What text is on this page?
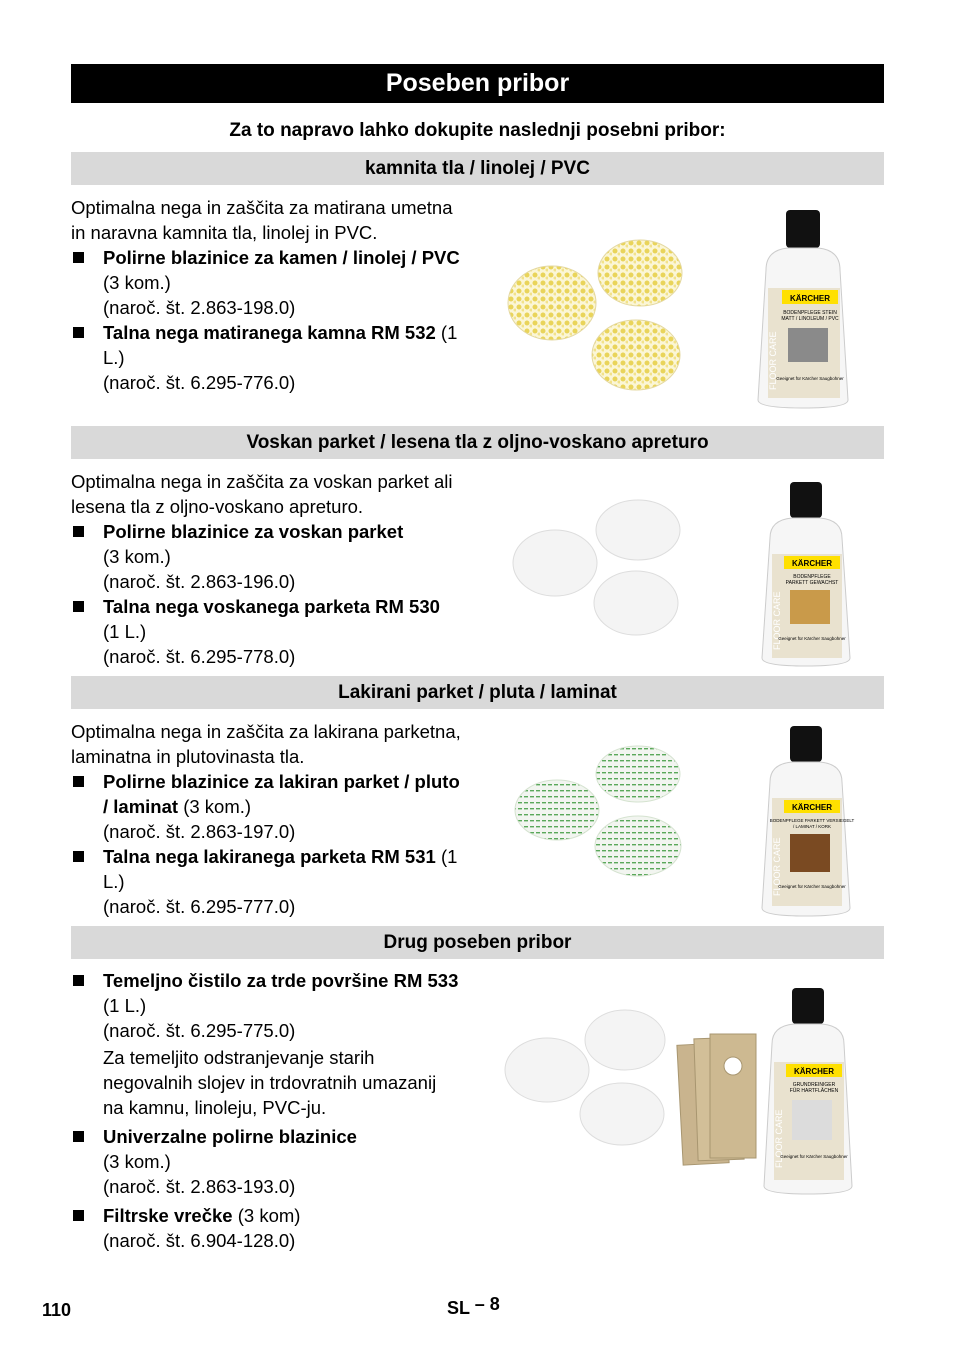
Poseben pribor
Za to napravo lahko dokupite naslednji posebni pribor:
kamnita tla / linolej / PVC

Optimalna nega in zaščita za matirana umetna in naravna kamnita tla, linolej in PVC.

Polirne blazinice za kamen / linolej / PVC (3 kom.)
(naroč. št. 2.863-198.0)
Talna nega matiranega kamna RM 532 (1 L.)
(naroč. št. 6.295-776.0)
Voskan parket / lesena tla z oljno-voskano apreturo

Optimalna nega in zaščita za voskan parket ali lesena tla z oljno-voskano apreturo.

Polirne blazinice za voskan parket
(3 kom.)
(naroč. št. 2.863-196.0)
Talna nega voskanega parketa RM 530 (1 L.)
(naroč. št. 6.295-778.0)
Lakirani parket / pluta / laminat

Optimalna nega in zaščita za lakirana parketna, laminatna in plutovinasta tla.

Polirne blazinice za lakiran parket / pluto / laminat (3 kom.)
(naroč. št. 2.863-197.0)
Talna nega lakiranega parketa RM 531 (1 L.)
(naroč. št. 6.295-777.0)
Drug poseben pribor
Temeljno čistilo za trde površine RM 533 (1 L.)
(naroč. št. 6.295-775.0)
Za temeljito odstranjevanje starih negovalnih slojev in trdovratnih umazanij na kamnu, linoleju, PVC-ju.
Univerzalne polirne blazinice
(3 kom.)
(naroč. št. 2.863-193.0)
Filtrske vrečke (3 kom)
(naroč. št. 6.904-128.0)
KÄRCHER
BODENPFLEGE STEIN
MATT / LINOLEUM / PVC
FLOOR CARE
Geeignet für Kärcher Saugbohner
KÄRCHER
BODENPFLEGE
PARKETT GEWACHST
FLOOR CARE
Geeignet für Kärcher Saugbohner
KÄRCHER
BODENPFLEGE PARKETT VERSIEGELT
/ LAMINAT / KORK
FLOOR CARE
Geeignet für Kärcher Saugbohner
KÄRCHER
GRUNDREINIGER
FÜR HARTFLÄCHEN
FLOOR CARE
Geeignet für Kärcher Saugbohner
110	SL – 8
